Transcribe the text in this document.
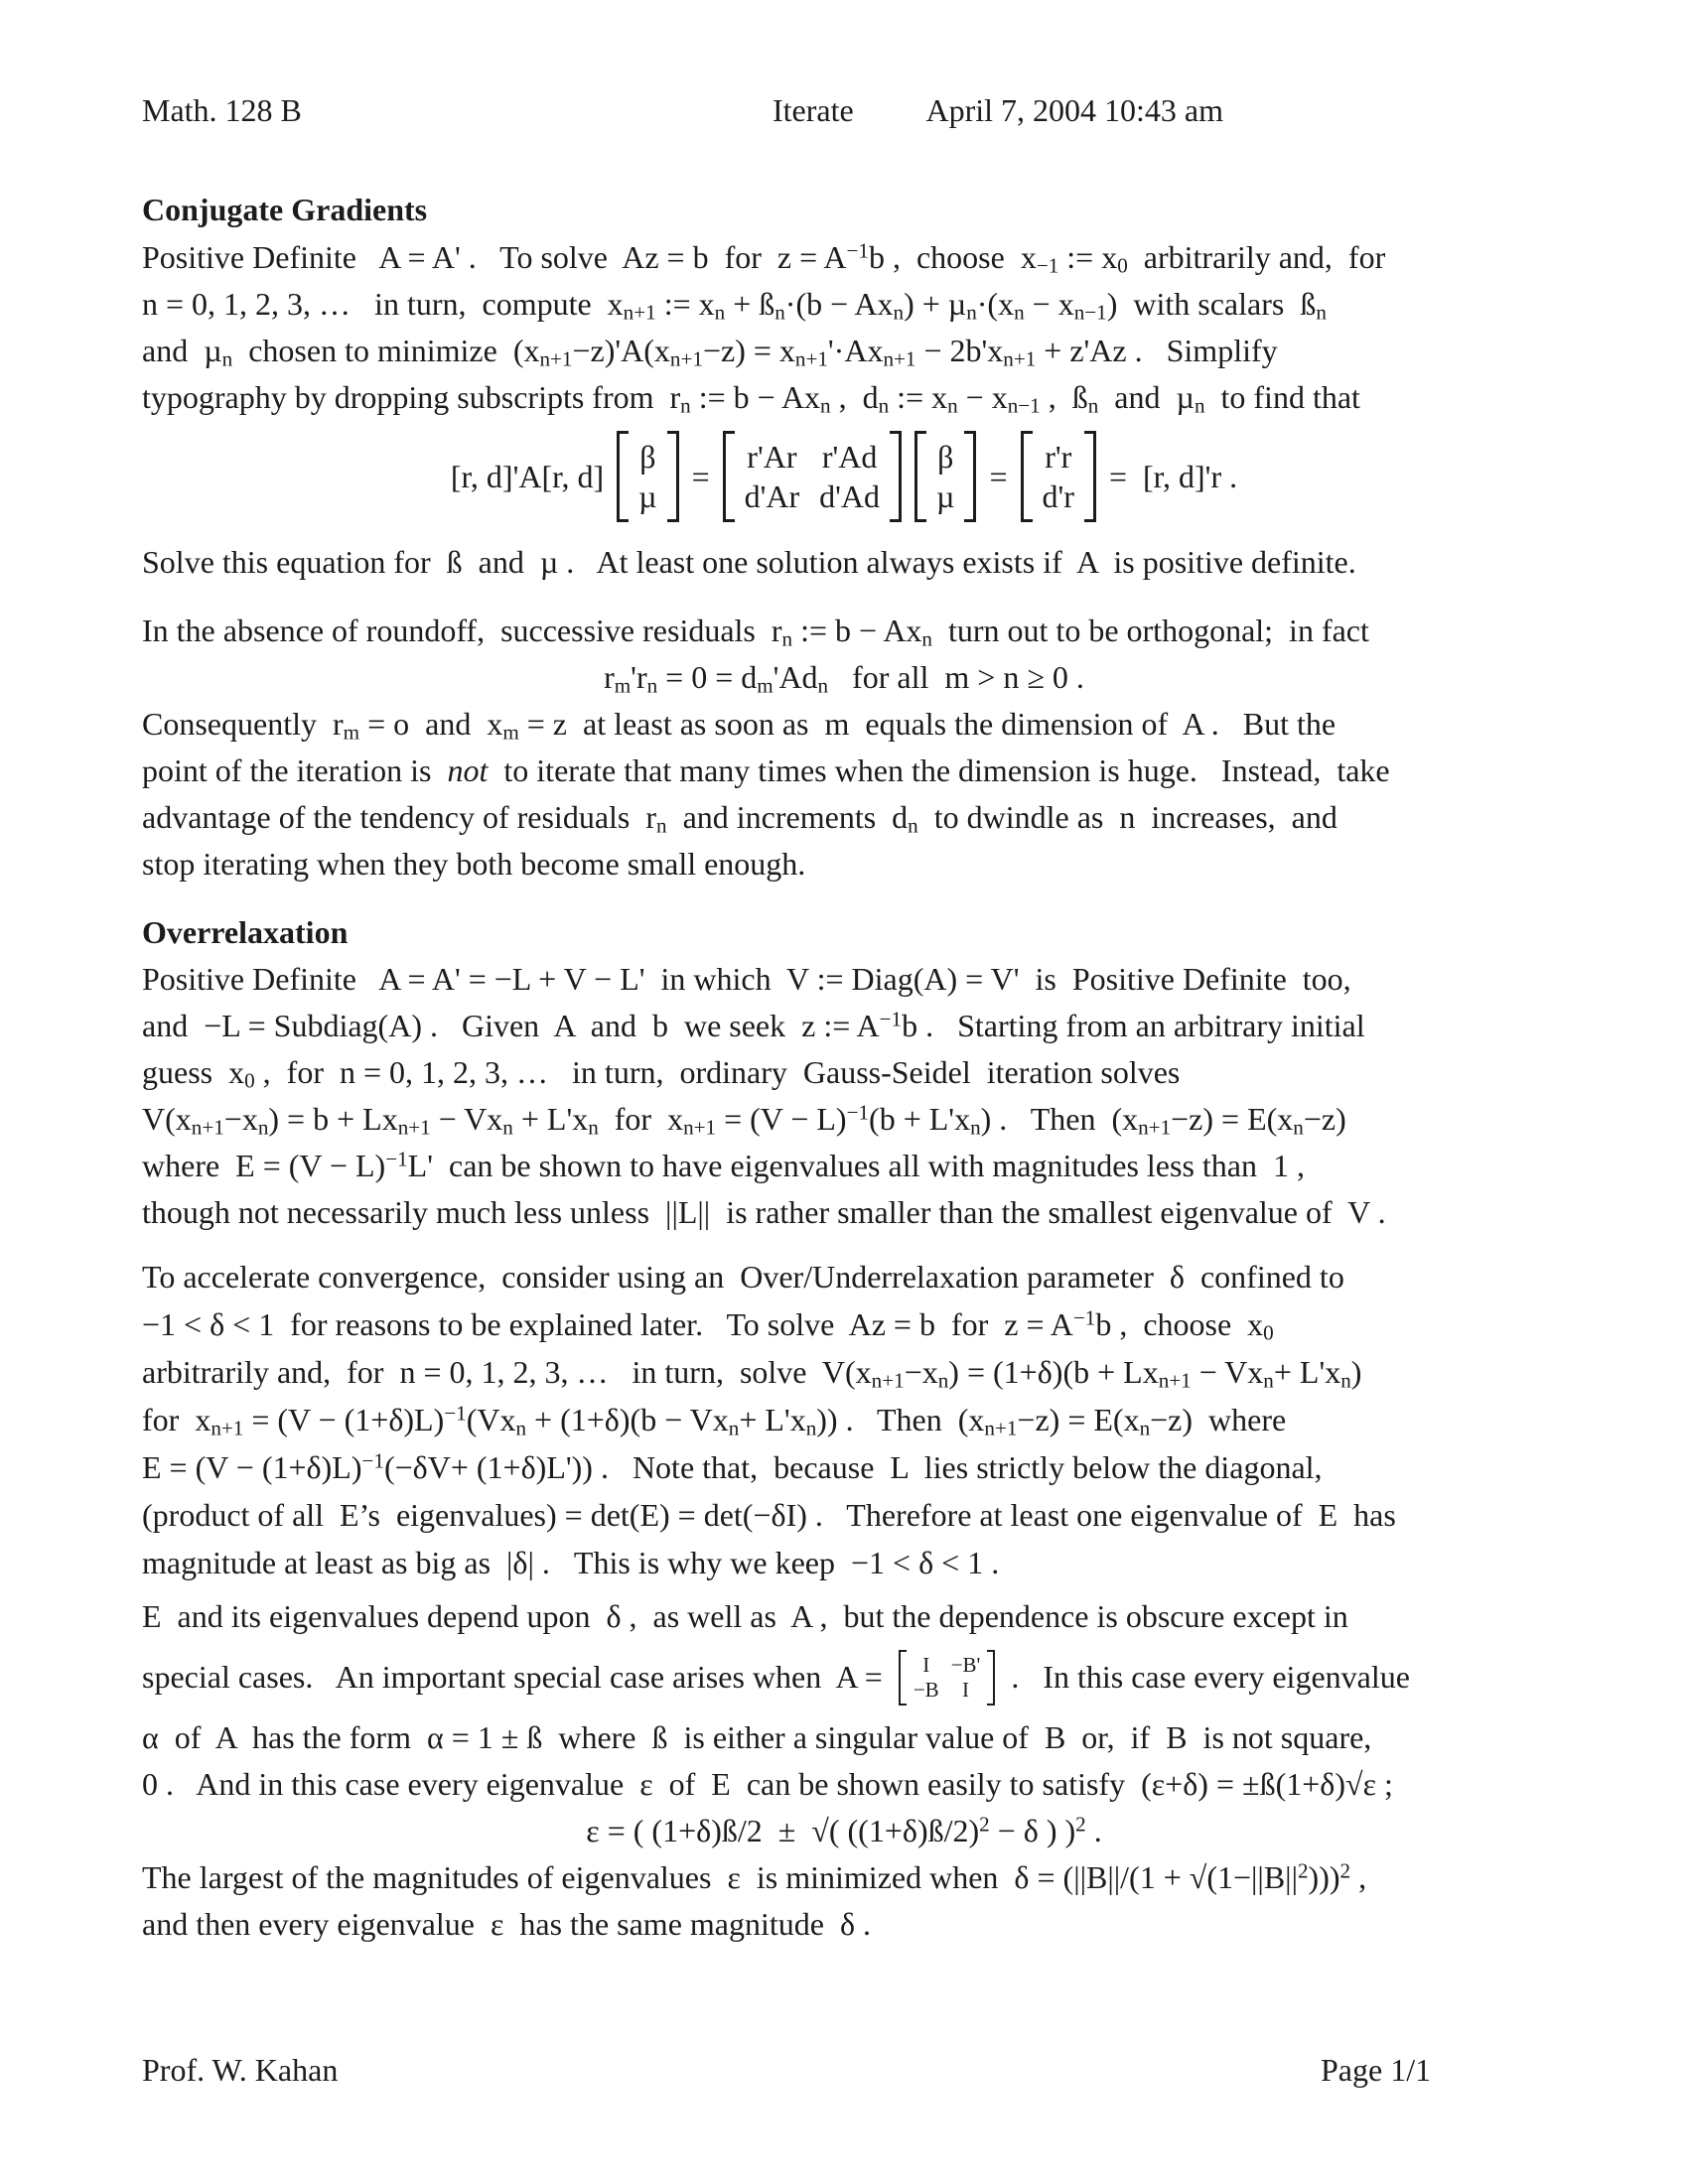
Math. 128 B	Iterate April 7, 2004 10:43 am
Conjugate Gradients
Positive Definite   A = A' .   To solve  Az = b  for  $z = A^{-1}b$ ,  choose  $x_{-1}$ := $x_0$  arbitrarily and,  for
n = 0, 1, 2, 3, …   in turn,  compute  $x_{n+1}$ := $x_n$ + $ß_n\cdot(b - Ax_n) + \mu_n\cdot(x_n - x_{n-1})$  with scalars  $ß_n$
and  µ$_n$  chosen to minimize  $(x_{n+1}-z)'A(x_{n+1}-z) = x_{n+1}'\cdot Ax_{n+1} - 2b'x_{n+1} + z'Az$ .   Simplify
typography by dropping subscripts from  $r_n$ := $b - Ax_n$ ,  $d_n$ := $x_n - x_{n-1}$ ,  $ß_n$  and  µ$_n$  to find that
[r, d]'A[r, d]
β
µ
=
r'Ar r'Ad
d'Ar d'Ad
β
µ
=
r'r
d'r
=  [r, d]'r .
Solve this equation for  ß  and  µ .   At least one solution always exists if  A  is positive definite.
In the absence of roundoff,  successive residuals  $r_n$ := $b - Ax_n$  turn out to be orthogonal;  in fact
$r_m'r_n = 0 = d_m'Ad_n$   for all  m > n ≥ 0 .
Consequently  $r_m = o$  and  $x_m = z$  at least as soon as  m  equals the dimension of  A .   But the
point of the iteration is  not  to iterate that many times when the dimension is huge.   Instead,  take
advantage of the tendency of residuals  $r_n$  and increments  $d_n$  to dwindle as  n  increases,  and
stop iterating when they both become small enough.
Overrelaxation
Positive Definite   A = A' = −L + V − L'  in which  V := Diag(A) = V'  is  Positive Definite  too,
and  −L = Subdiag(A) .   Given  A  and  b  we seek  z := $A^{-1}b$ .   Starting from an arbitrary initial
guess  $x_0$ ,  for  n = 0, 1, 2, 3, …   in turn,  ordinary  Gauss-Seidel  iteration solves
$V(x_{n+1}-x_n) = b + Lx_{n+1} - Vx_n + L'x_n$  for  $x_{n+1} = (V - L)^{-1}(b + L'x_n)$ .   Then  $(x_{n+1}-z) = E(x_n-z)$
where  $E = (V - L)^{-1}L'$  can be shown to have eigenvalues all with magnitudes less than  1 ,
though not necessarily much less unless  ||L||  is rather smaller than the smallest eigenvalue of  V .
To accelerate convergence,  consider using an  Over/Underrelaxation parameter  δ  confined to
−1 < δ < 1  for reasons to be explained later.   To solve  Az = b  for  $z = A^{-1}b$ ,  choose  $x_0$
arbitrarily and,  for  n = 0, 1, 2, 3, …   in turn,  solve  $V(x_{n+1}-x_n) = (1+\delta)(b + Lx_{n+1} - Vx_n+ L'x_n)$
for  $x_{n+1} = (V - (1+\delta)L)^{-1}(Vx_n + (1+\delta)(b - Vx_n+ L'x_n))$ .   Then  $(x_{n+1}-z) = E(x_n-z)$  where
$E = (V - (1+\delta)L)^{-1}(-\delta V+ (1+\delta)L')$) .   Note that,  because  L  lies strictly below the diagonal,
(product of all  E’s  eigenvalues) = det(E) = det(−δI) .   Therefore at least one eigenvalue of  E  has
magnitude at least as big as  |δ| .   This is why we keep  −1 < δ < 1 .
E  and its eigenvalues depend upon  δ ,  as well as  A ,  but the dependence is obscure except in
special cases.   An important special case arises when  A = I −B'
−B I .   In this case every eigenvalue
α  of  A  has the form  α = 1 ± ß  where  ß  is either a singular value of  B  or,  if  B  is not square,
0 .   And in this case every eigenvalue  ε  of  E  can be shown easily to satisfy  (ε+δ) = ±ß(1+δ)√ε ;
ε = ( (1+δ)ß/2  ±  √( ((1+δ)ß/2)$^2$ − δ ) )$^2$ .
The largest of the magnitudes of eigenvalues  ε  is minimized when  $\delta = (||B||/(1 + √(1-||B||^2)))^2$ ,
and then every eigenvalue  ε  has the same magnitude  δ .
Prof. W. Kahan	Page 1/1
